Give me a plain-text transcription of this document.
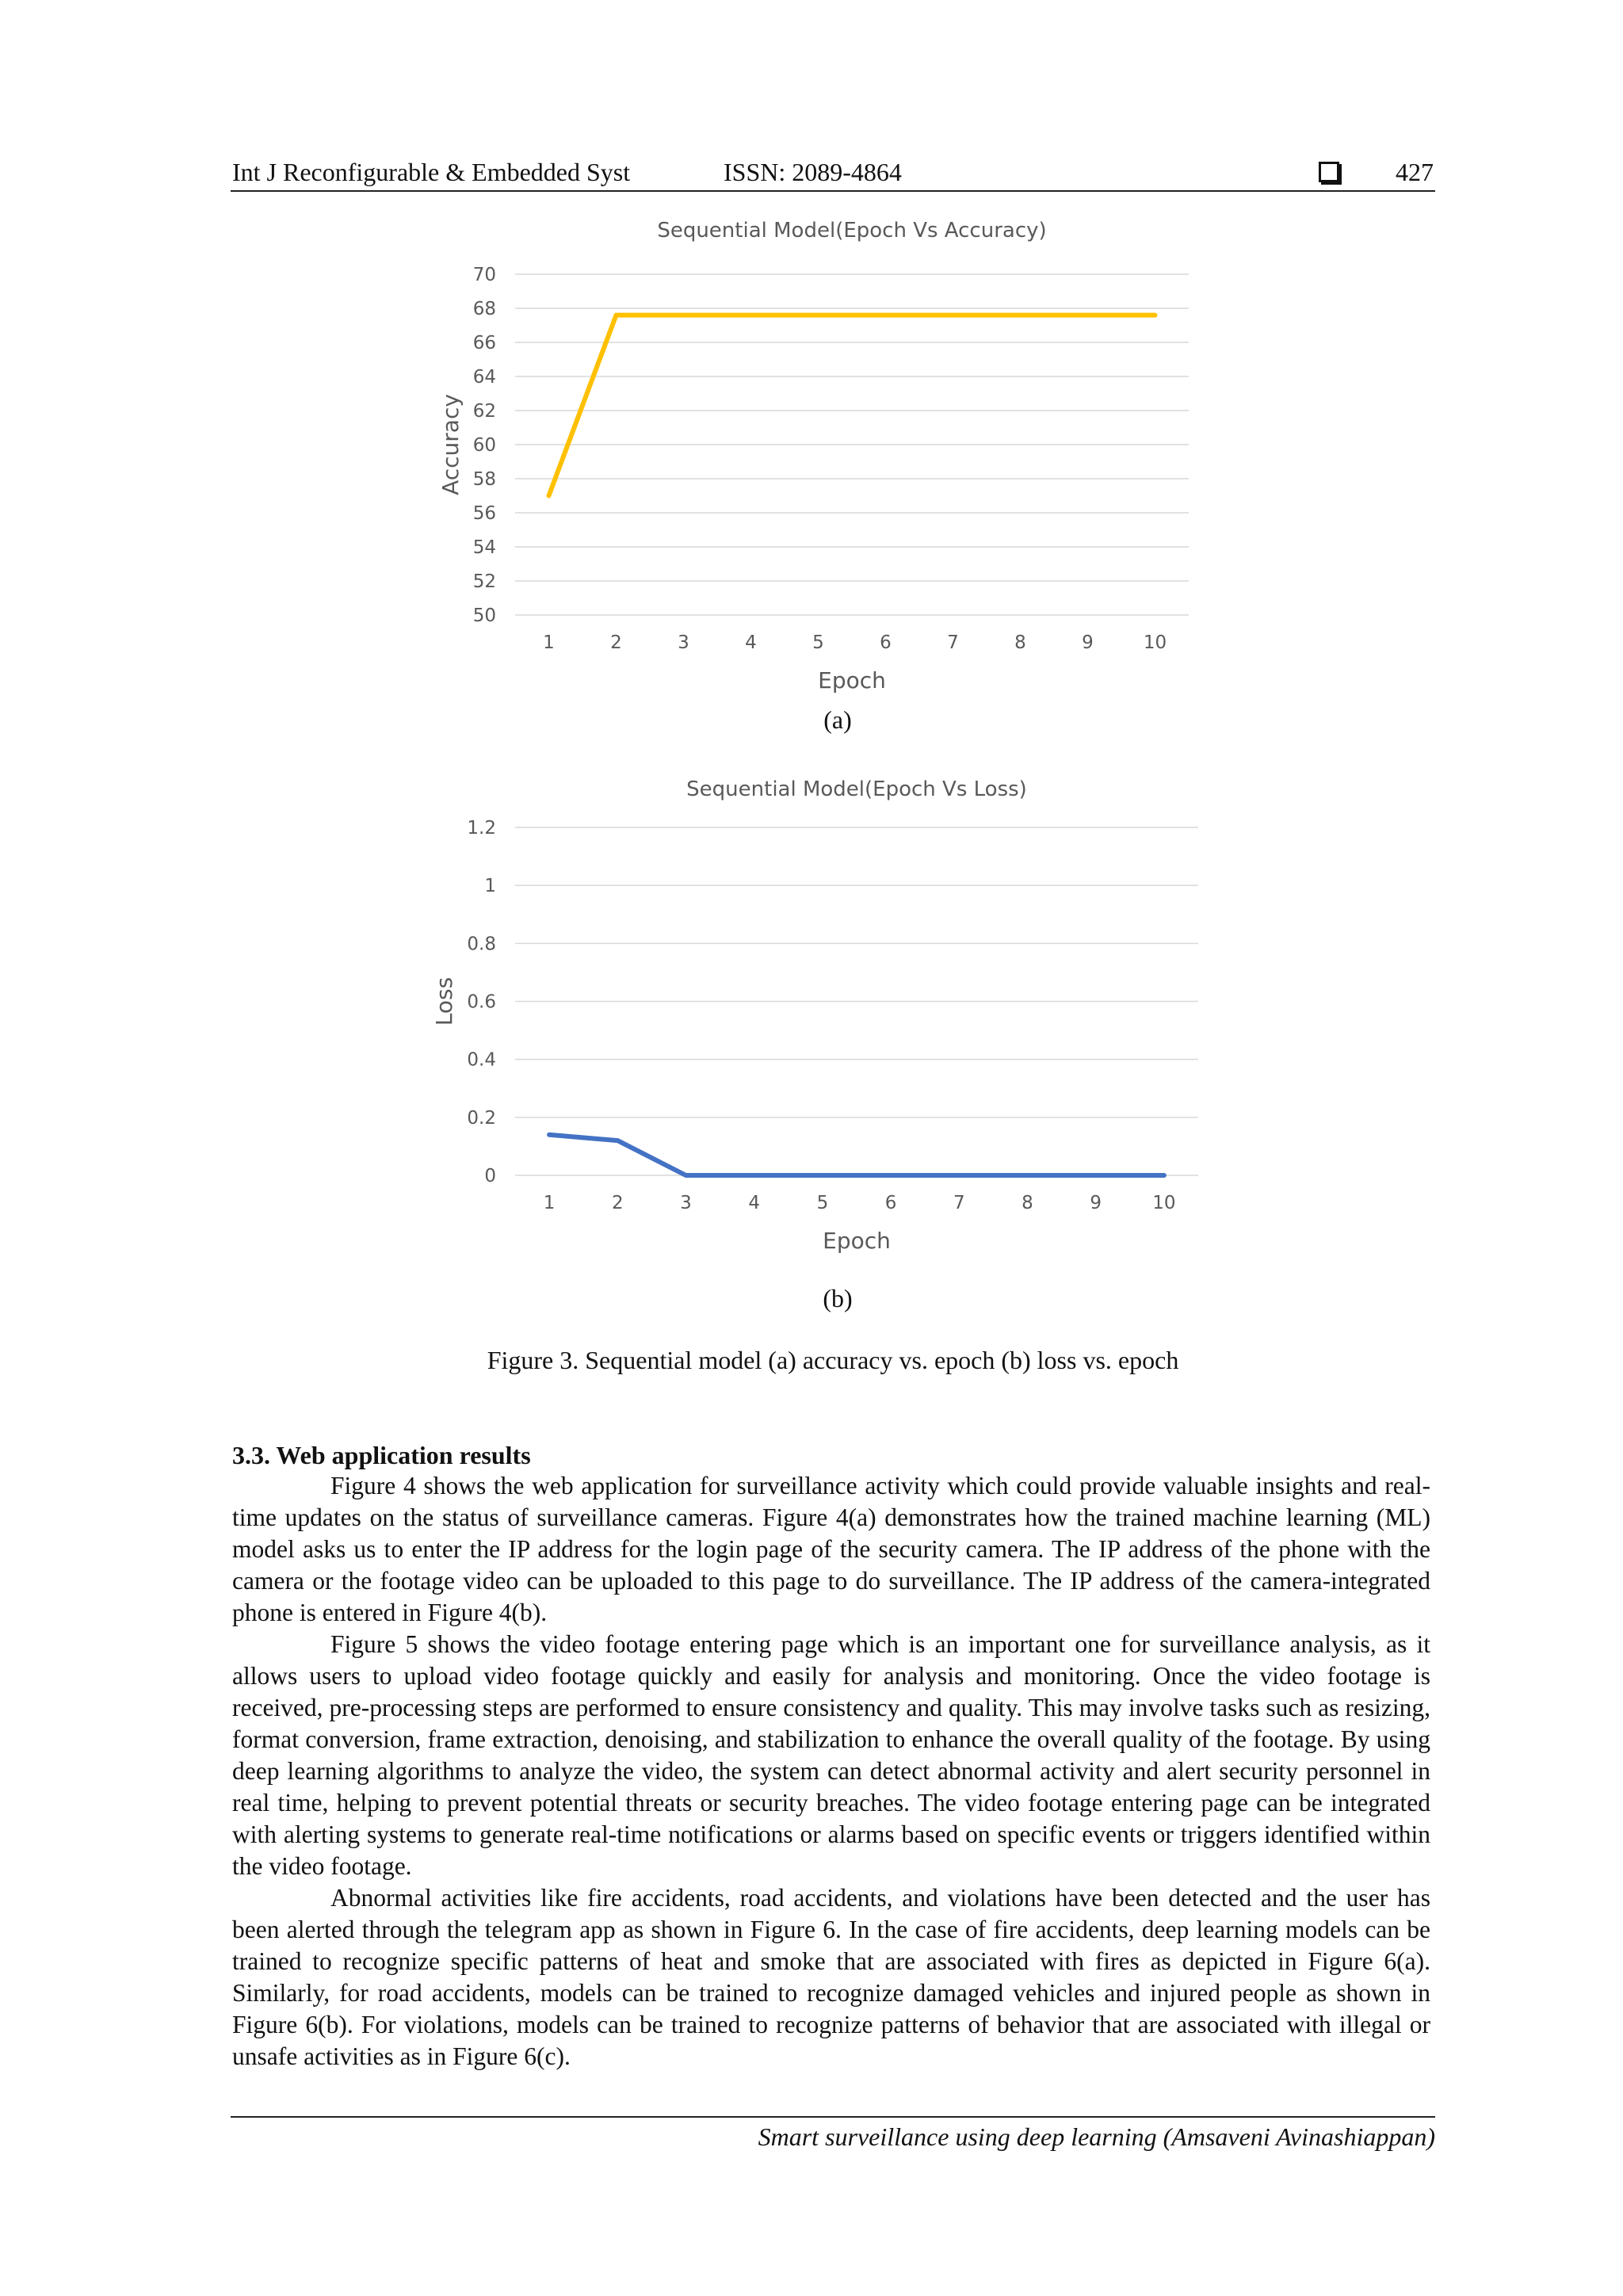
Int J Reconfigurable & Embedded Syst	ISSN: 2089-4864	427
Sequential Model(Epoch Vs Accuracy)
50
52
54
56
58
60
62
64
66
68
70
1	2	3	4	5	6	7	8	9	10
Epoch
Accuracy
(a)
Sequential Model(Epoch Vs Loss)
0
0.2
0.4
0.6
0.8
1
1.2
1	2	3	4	5	6	7	8	9	10
Epoch
Loss
(b)
Figure 3. Sequential model (a) accuracy vs. epoch (b) loss vs. epoch
3.3. Web application results

Figure 4 shows the web application for surveillance activity which could provide valuable insights and real-time updates on the status of surveillance cameras. Figure 4(a) demonstrates how the trained machine learning (ML) model asks us to enter the IP address for the login page of the security camera. The IP address of the phone with the camera or the footage video can be uploaded to this page to do surveillance. The IP address of the camera-integrated phone is entered in Figure 4(b).

Figure 5 shows the video footage entering page which is an important one for surveillance analysis, as it allows users to upload video footage quickly and easily for analysis and monitoring. Once the video footage is received, pre-processing steps are performed to ensure consistency and quality. This may involve tasks such as resizing, format conversion, frame extraction, denoising, and stabilization to enhance the overall quality of the footage. By using deep learning algorithms to analyze the video, the system can detect abnormal activity and alert security personnel in real time, helping to prevent potential threats or security breaches. The video footage entering page can be integrated with alerting systems to generate real-time notifications or alarms based on specific events or triggers identified within the video footage.

Abnormal activities like fire accidents, road accidents, and violations have been detected and the user has been alerted through the telegram app as shown in Figure 6. In the case of fire accidents, deep learning models can be trained to recognize specific patterns of heat and smoke that are associated with fires as depicted in Figure 6(a). Similarly, for road accidents, models can be trained to recognize damaged vehicles and injured people as shown in Figure 6(b). For violations, models can be trained to recognize patterns of behavior that are associated with illegal or unsafe activities as in Figure 6(c).

Smart surveillance using deep learning (Amsaveni Avinashiappan)
